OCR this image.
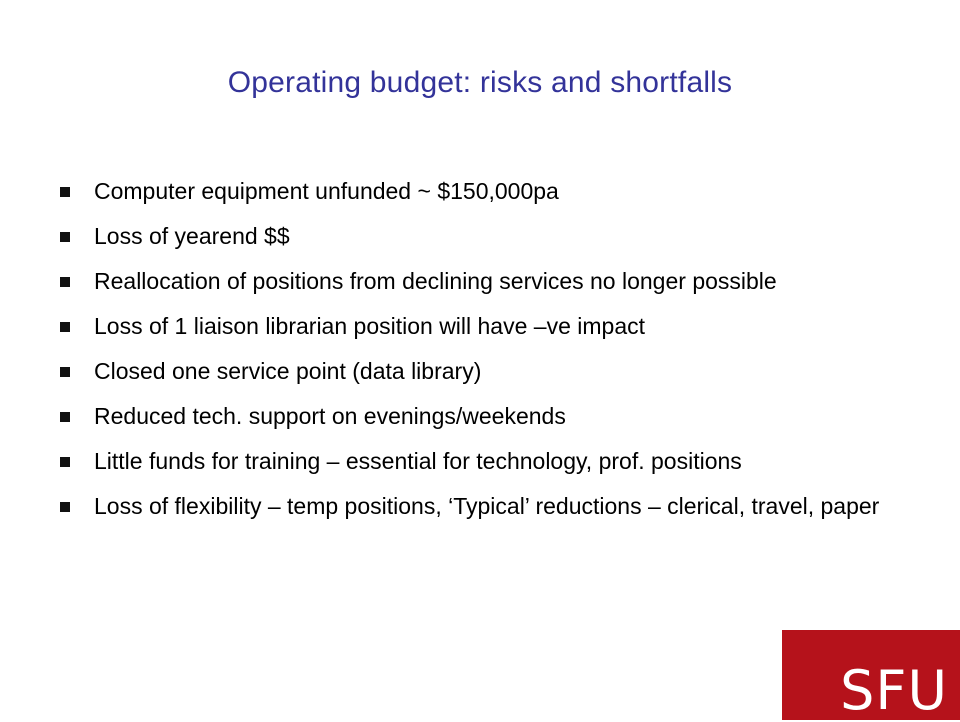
Operating budget: risks and shortfalls
Computer equipment unfunded ~ $150,000pa
Loss of yearend $$
Reallocation of positions from declining services no longer possible
Loss of 1 liaison librarian position will have –ve impact
Closed one service point (data library)
Reduced tech. support on evenings/weekends
Little funds for training – essential for technology, prof. positions
Loss of flexibility – temp positions, ‘Typical’ reductions – clerical, travel, paper
SFU
